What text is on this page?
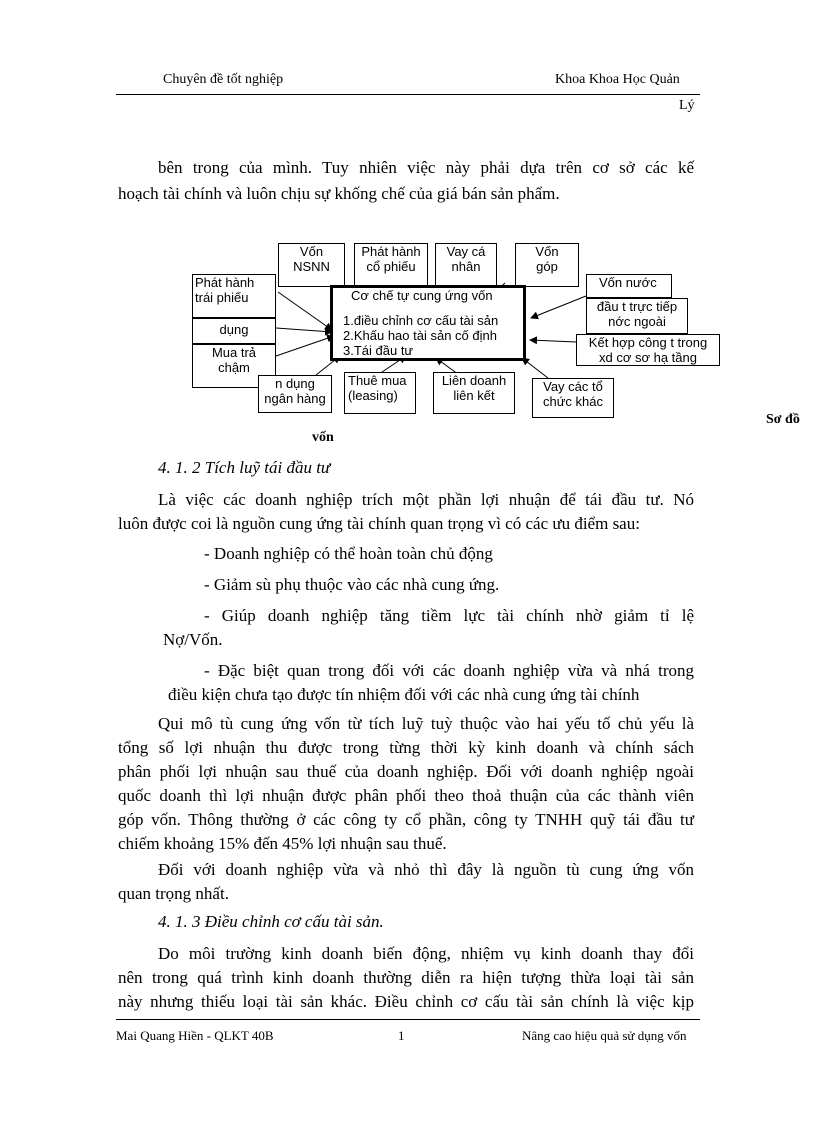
Chuyên đề tốt nghiệp	Khoa Khoa Học Quản
Lý
bên trong của mình. Tuy nhiên việc này phải dựa trên cơ sở các kế
hoạch tài chính và luôn chịu sự khống chế của giá bán sản phẩm.
Vốn
NSNN
Phát hành
cổ phiếu
Vay cá
nhân
Vốn
góp
Phát hành
trái phiếu
dụng
Mua trả
chậm
n dụng
ngân hàng
Thuê mua
(leasing)
Liên doanh
liên kết
Vay các tổ
chức khác
Vốn nước
đầu t trực tiếp
nớc ngoài
Kết hợp công t trong
xd cơ sơ hạ tầng
Cơ chế tự cung ứng vốn
1.điều chỉnh cơ cấu tài sản
2.Khấu hao tài sản cố định
3.Tái đầu tư
Sơ đồ
vốn
4. 1. 2 Tích luỹ tái đầu tư
Là việc các doanh nghiệp trích một phần lợi nhuận để tái đầu tư. Nó
luôn được coi là nguồn cung ứng tài chính quan trọng vì có các ưu điểm sau:
- Doanh nghiệp có thể hoàn toàn chủ động
- Giảm sù phụ thuộc vào các nhà cung ứng.
- Giúp doanh nghiệp tăng tiềm lực tài chính nhờ giảm tỉ lệ
Nợ/Vốn.
- Đặc biệt quan trong đối với các doanh nghiệp vừa và nhá trong
điều kiện chưa tạo được tín nhiệm đối với các nhà cung ứng tài chính
Qui mô tù cung ứng vốn từ tích luỹ tuỳ thuộc vào hai yếu tố chủ yếu là
tổng số lợi nhuận thu được trong từng thời kỳ kinh doanh và chính sách
phân phối lợi nhuận sau thuế của doanh nghiệp. Đối với doanh nghiệp ngoài
quốc doanh thì lợi nhuận được phân phối theo thoả thuận của các thành viên
góp vốn. Thông thường ở các công ty cổ phần, công ty TNHH quỹ tái đầu tư
chiếm khoảng 15% đến 45% lợi nhuận sau thuế.
Đối với doanh nghiệp vừa và nhỏ thì đây là nguồn tù cung ứng vốn
quan trọng nhất.
4. 1. 3 Điều chỉnh cơ cấu tài sản.
Do môi trường kinh doanh biến động, nhiệm vụ kinh doanh thay đổi
nên trong quá trình kinh doanh thường diễn ra hiện tượng thừa loại tài sản
này nhưng thiếu loại tài sản khác. Điều chỉnh cơ cấu tài sản chính là việc kịp
Mai Quang Hiền - QLKT 40B	1	Nâng cao hiệu quả sử dụng vốn
